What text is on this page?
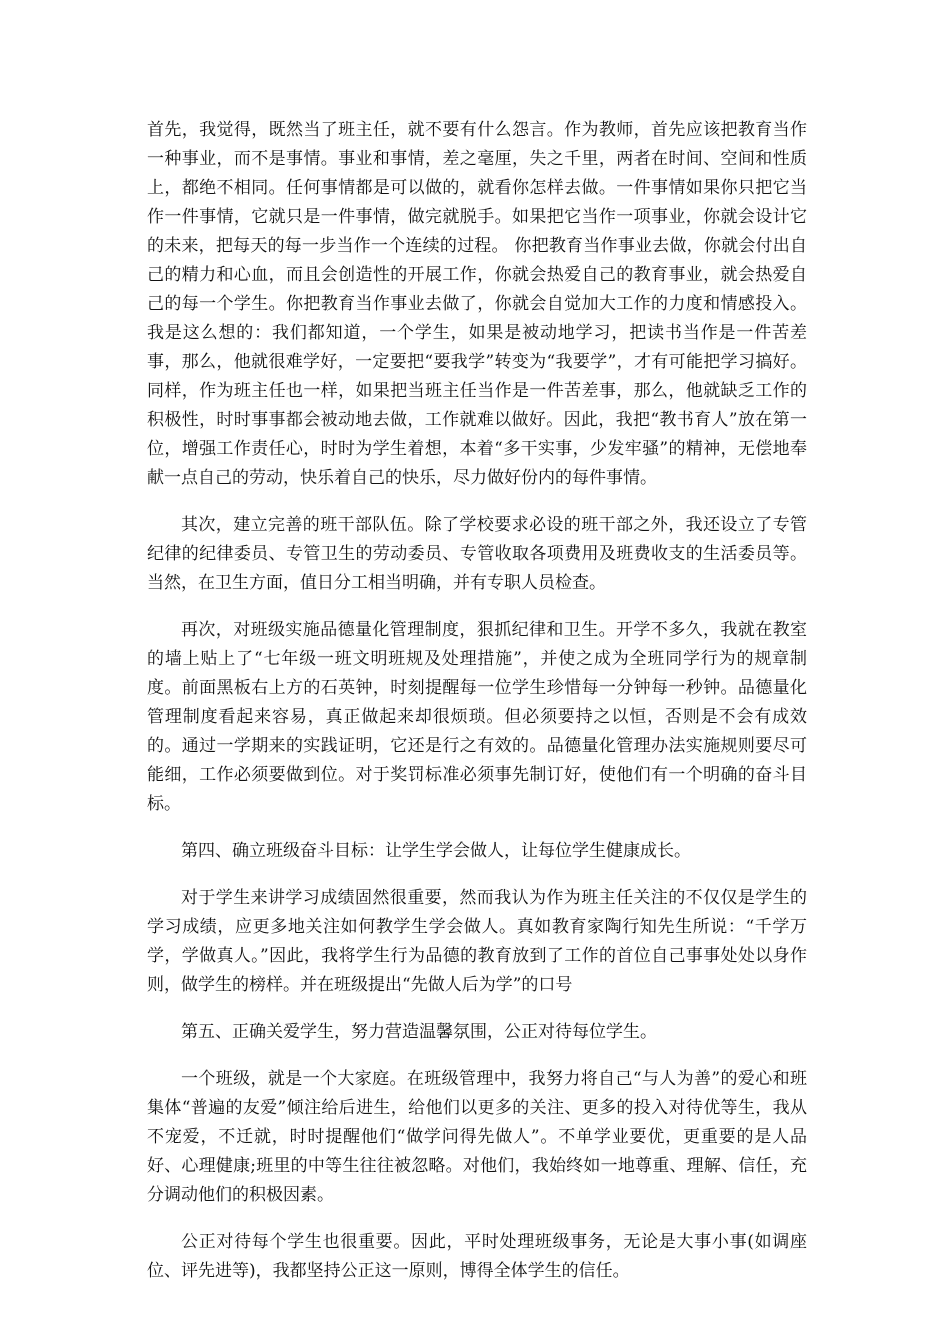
首先，我觉得，既然当了班主任，就不要有什么怨言。作为教师，首先应该把教育当作一种事业，而不是事情。事业和事情，差之毫厘，失之千里，两者在时间、空间和性质上，都绝不相同。任何事情都是可以做的，就看你怎样去做。一件事情如果你只把它当作一件事情，它就只是一件事情，做完就脱手。如果把它当作一项事业，你就会设计它的未来，把每天的每一步当作一个连续的过程。 你把教育当作事业去做，你就会付出自己的精力和心血，而且会创造性的开展工作，你就会热爱自己的教育事业，就会热爱自己的每一个学生。你把教育当作事业去做了，你就会自觉加大工作的力度和情感投入。我是这么想的：我们都知道，一个学生，如果是被动地学习，把读书当作是一件苦差事，那么，他就很难学好，一定要把“要我学”转变为“我要学”，才有可能把学习搞好。同样，作为班主任也一样，如果把当班主任当作是一件苦差事，那么，他就缺乏工作的积极性，时时事事都会被动地去做，工作就难以做好。因此，我把“教书育人”放在第一位，增强工作责任心，时时为学生着想，本着“多干实事，少发牢骚”的精神，无偿地奉献一点自己的劳动，快乐着自己的快乐，尽力做好份内的每件事情。

其次，建立完善的班干部队伍。除了学校要求必设的班干部之外，我还设立了专管纪律的纪律委员、专管卫生的劳动委员、专管收取各项费用及班费收支的生活委员等。当然，在卫生方面，值日分工相当明确，并有专职人员检查。

再次，对班级实施品德量化管理制度，狠抓纪律和卫生。开学不多久，我就在教室的墙上贴上了“七年级一班文明班规及处理措施”，并使之成为全班同学行为的规章制度。前面黑板右上方的石英钟，时刻提醒每一位学生珍惜每一分钟每一秒钟。品德量化管理制度看起来容易，真正做起来却很烦琐。但必须要持之以恒，否则是不会有成效的。通过一学期来的实践证明，它还是行之有效的。品德量化管理办法实施规则要尽可能细，工作必须要做到位。对于奖罚标准必须事先制订好，使他们有一个明确的奋斗目标。

第四、确立班级奋斗目标：让学生学会做人，让每位学生健康成长。

对于学生来讲学习成绩固然很重要，然而我认为作为班主任关注的不仅仅是学生的学习成绩，应更多地关注如何教学生学会做人。真如教育家陶行知先生所说：“千学万学，学做真人。”因此，我将学生行为品德的教育放到了工作的首位自己事事处处以身作则，做学生的榜样。并在班级提出“先做人后为学”的口号

第五、正确关爱学生，努力营造温馨氛围，公正对待每位学生。

一个班级，就是一个大家庭。在班级管理中，我努力将自己“与人为善”的爱心和班集体“普遍的友爱”倾注给后进生，给他们以更多的关注、更多的投入对待优等生，我从不宠爱，不迁就，时时提醒他们“做学问得先做人”。不单学业要优，更重要的是人品好、心理健康;班里的中等生往往被忽略。对他们，我始终如一地尊重、理解、信任，充分调动他们的积极因素。

公正对待每个学生也很重要。因此，平时处理班级事务，无论是大事小事(如调座位、评先进等)，我都坚持公正这一原则，博得全体学生的信任。
